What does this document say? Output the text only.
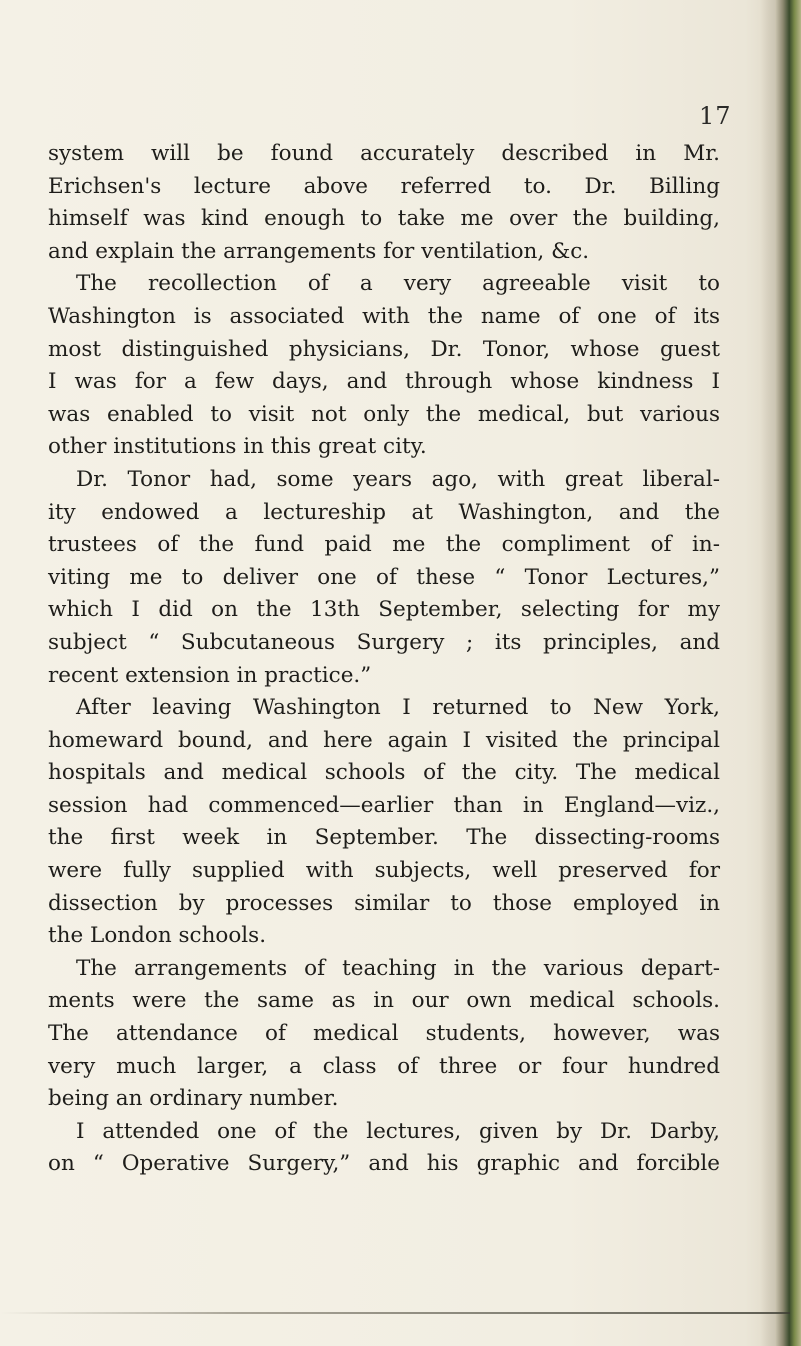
17
system will be found accurately described in Mr.
Erichsen's lecture above referred to. Dr. Billing
himself was kind enough to take me over the building,
and explain the arrangements for ventilation, &c.
The recollection of a very agreeable visit to
Washington is associated with the name of one of its
most distinguished physicians, Dr. Tonor, whose guest
I was for a few days, and through whose kindness I
was enabled to visit not only the medical, but various
other institutions in this great city.
Dr. Tonor had, some years ago, with great liberal-
ity endowed a lectureship at Washington, and the
trustees of the fund paid me the compliment of in-
viting me to deliver one of these “ Tonor Lectures,”
which I did on the 13th September, selecting for my
subject “ Subcutaneous Surgery ; its principles, and
recent extension in practice.”
After leaving Washington I returned to New York,
homeward bound, and here again I visited the principal
hospitals and medical schools of the city. The medical
session had commenced—earlier than in England—viz.,
the first week in September. The dissecting-rooms
were fully supplied with subjects, well preserved for
dissection by processes similar to those employed in
the London schools.
The arrangements of teaching in the various depart-
ments were the same as in our own medical schools.
The attendance of medical students, however, was
very much larger, a class of three or four hundred
being an ordinary number.
I attended one of the lectures, given by Dr. Darby,
on “ Operative Surgery,” and his graphic and forcible
